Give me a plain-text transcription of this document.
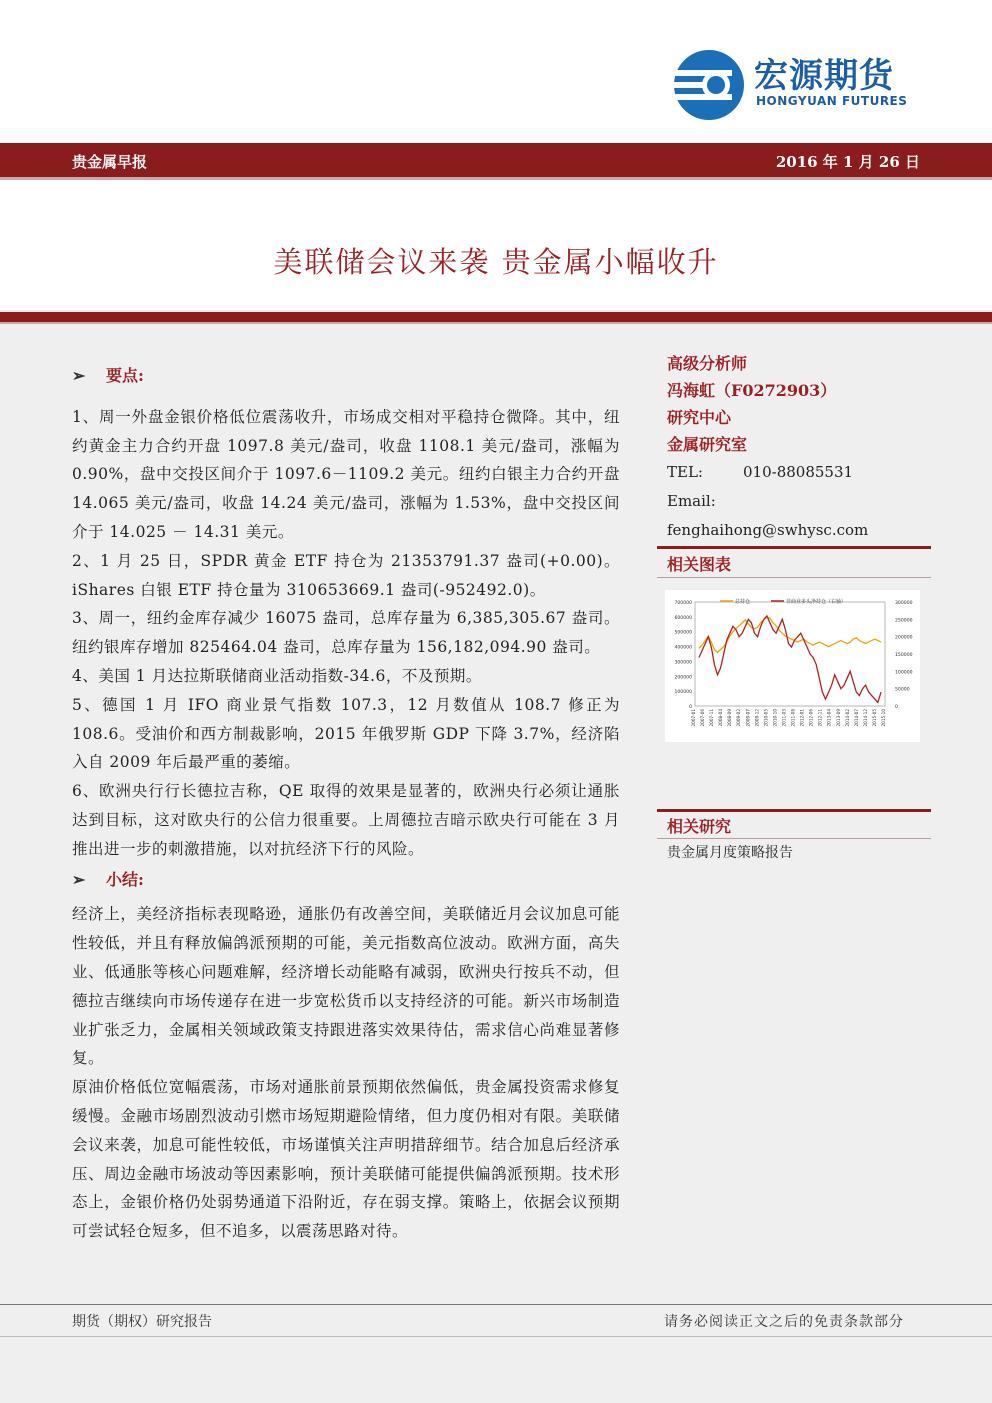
宏源期货
HONGYUAN FUTURES
贵金属早报	2016 年 1 月 26 日
美联储会议来袭 贵金属小幅收升
➢ 要点:

1、周一外盘金银价格低位震荡收升，市场成交相对平稳持仓微降。其中，纽约黄金主力合约开盘 1097.8 美元/盎司，收盘 1108.1 美元/盎司，涨幅为 0.90%，盘中交投区间介于 1097.6－1109.2 美元。纽约白银主力合约开盘 14.065 美元/盎司，收盘 14.24 美元/盎司，涨幅为 1.53%，盘中交投区间介于 14.025 － 14.31 美元。

2、1 月 25 日，SPDR 黄金 ETF 持仓为 21353791.37 盎司(+0.00)。iShares 白银 ETF 持仓量为 310653669.1 盎司(-952492.0)。

3、周一，纽约金库存减少 16075 盎司，总库存量为 6,385,305.67 盎司。纽约银库存增加 825464.04 盎司，总库存量为 156,182,094.90 盎司。

4、美国 1 月达拉斯联储商业活动指数-34.6，不及预期。

5、德国 1 月 IFO 商业景气指数 107.3，12 月数值从 108.7 修正为 108.6。受油价和西方制裁影响，2015 年俄罗斯 GDP 下降 3.7%，经济陷入自 2009 年后最严重的萎缩。

6、欧洲央行行长德拉吉称，QE 取得的效果是显著的，欧洲央行必须让通胀达到目标，这对欧央行的公信力很重要。上周德拉吉暗示欧央行可能在 3 月推出进一步的刺激措施，以对抗经济下行的风险。

➢ 小结:

经济上，美经济指标表现略逊，通胀仍有改善空间，美联储近月会议加息可能性较低，并且有释放偏鸽派预期的可能，美元指数高位波动。欧洲方面，高失业、低通胀等核心问题难解，经济增长动能略有减弱，欧洲央行按兵不动，但德拉吉继续向市场传递存在进一步宽松货币以支持经济的可能。新兴市场制造业扩张乏力，金属相关领域政策支持跟进落实效果待估，需求信心尚难显著修复。

原油价格低位宽幅震荡，市场对通胀前景预期依然偏低，贵金属投资需求修复缓慢。金融市场剧烈波动引燃市场短期避险情绪，但力度仍相对有限。美联储会议来袭，加息可能性较低，市场谨慎关注声明措辞细节。结合加息后经济承压、周边金融市场波动等因素影响，预计美联储可能提供偏鸽派预期。技术形态上，金银价格仍处弱势通道下沿附近，存在弱支撑。策略上，依据会议预期可尝试轻仓短多，但不追多，以震荡思路对待。

高级分析师
冯海虹（F0272903）
研究中心
金属研究室
TEL:	010-88085531
Email:fenghaihong@swhysc.com
相关图表
0
100000
200000
300000
400000
500000
600000
700000
0
50000
100000
150000
200000
250000
300000
2007-01 2007-06 2007-11 2008-04 2008-09 2009-02 2009-07 2009-12 2010-05 2010-10 2011-03 2011-08 2012-01 2012-06 2012-11 2013-04 2013-09 2014-02 2014-07 2014-12 2015-05 2015-10
总持仓	非商业多头净持仓（右轴）
相关研究
贵金属月度策略报告
期货（期权）研究报告	请务必阅读正文之后的免责条款部分
